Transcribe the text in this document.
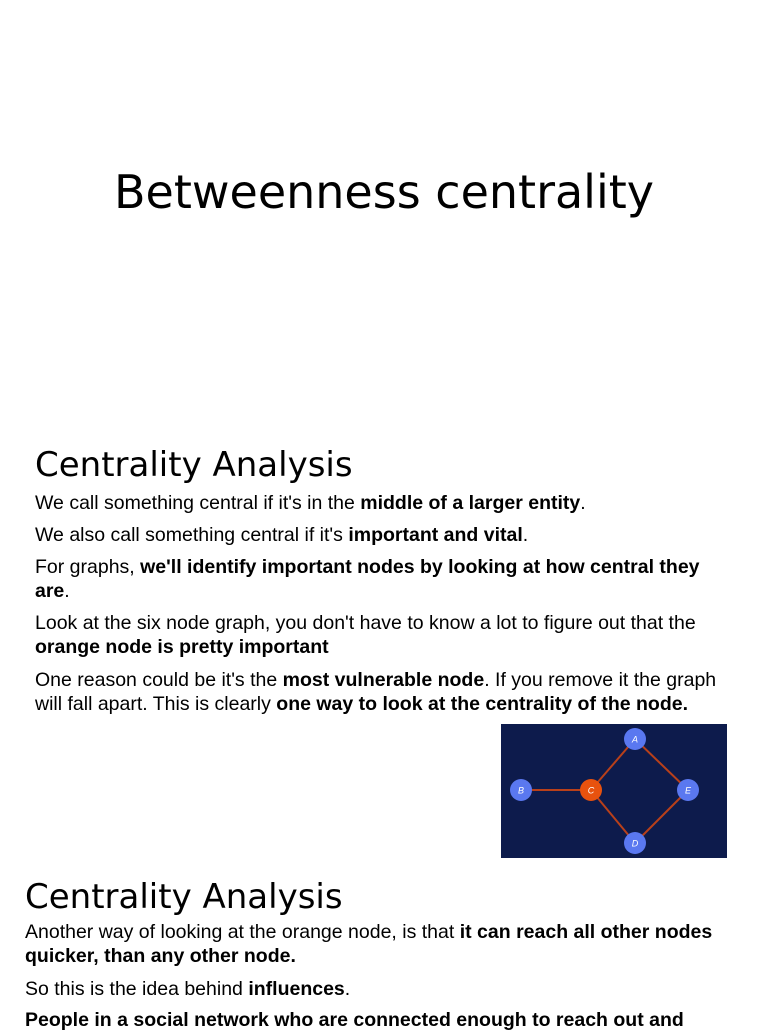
Betweenness centrality
Centrality Analysis

We call something central if it's in the middle of a larger entity.

We also call something central if it's important and vital.

For graphs, we'll identify important nodes by looking at how central they are.

Look at the six node graph, you don't have to know a lot to figure out that the orange node is pretty important

One reason could be it's the most vulnerable node. If you remove it the graph will fall apart. This is clearly one way to look at the centrality of the node.

A
B	C
D
E
Centrality Analysis

Another way of looking at the orange node, is that it can reach all other nodes quicker, than any other node.

So this is the idea behind influences.

People in a social network who are connected enough to reach out and
